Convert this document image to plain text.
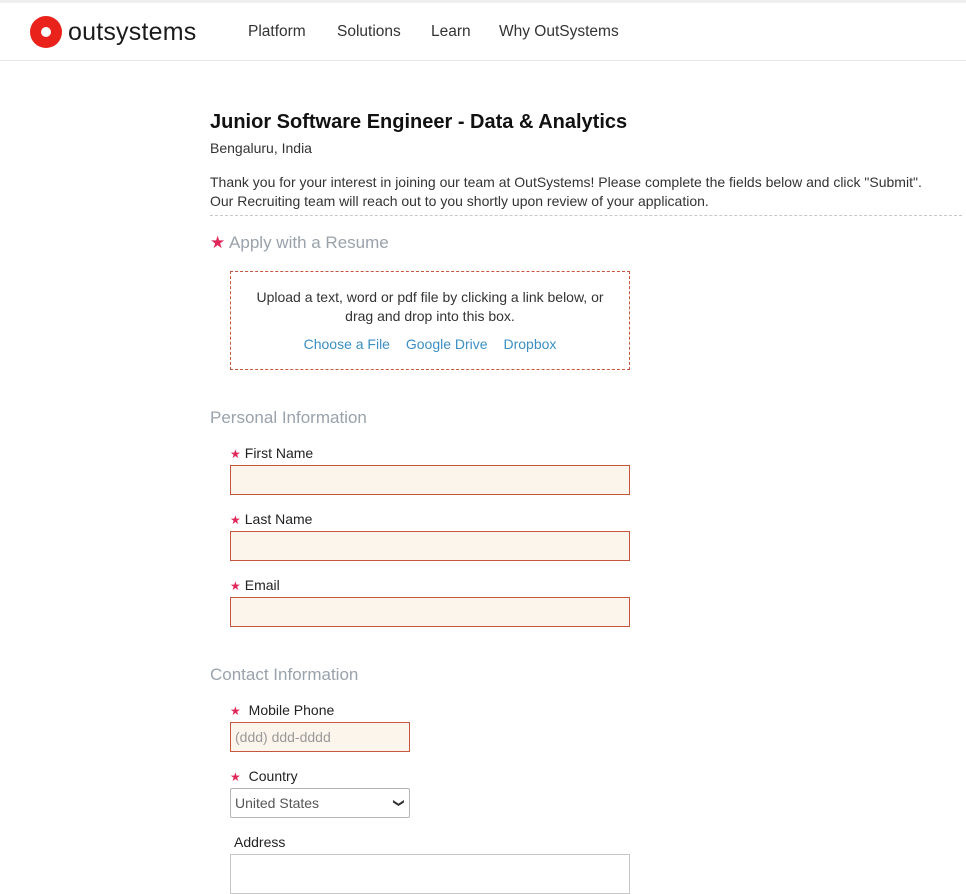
outsystems	Platform Solutions Learn Why OutSystems
Junior Software Engineer - Data & Analytics
Bengaluru, India
Thank you for your interest in joining our team at OutSystems! Please complete the fields below and click "Submit".
Our Recruiting team will reach out to you shortly upon review of your application.
★ Apply with a Resume
Upload a text, word or pdf file by clicking a link below, or drag and drop into this box.
Choose a File Google Drive Dropbox
Personal Information
★ First Name
★ Last Name
★ Email
Contact Information
★ Mobile Phone
(ddd) ddd-dddd
★ Country
United States	❯
Address
